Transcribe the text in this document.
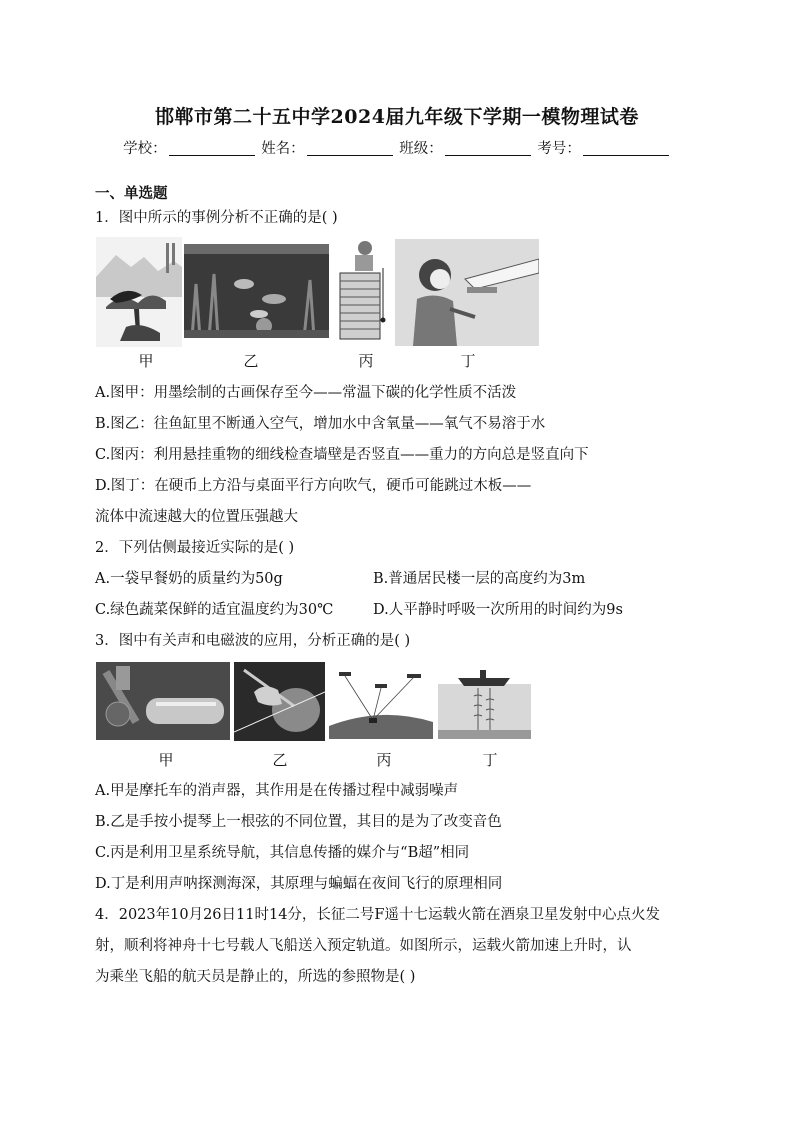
邯郸市第二十五中学2024届九年级下学期一模物理试卷
学校：	姓名：	班级：	考号：
一、单选题
1．图中所示的事例分析不正确的是( )
甲	乙	丙	丁
A.图甲：用墨绘制的古画保存至今——常温下碳的化学性质不活泼
B.图乙：往鱼缸里不断通入空气，增加水中含氧量——氧气不易溶于水
C.图丙：利用悬挂重物的细线检查墙壁是否竖直——重力的方向总是竖直向下
D.图丁：在硬币上方沿与桌面平行方向吹气，硬币可能跳过木板——
流体中流速越大的位置压强越大
2．下列估侧最接近实际的是( )
A.一袋早餐奶的质量约为50g	B.普通居民楼一层的高度约为3m
C.绿色蔬菜保鲜的适宜温度约为30℃	D.人平静时呼吸一次所用的时间约为9s
3．图中有关声和电磁波的应用，分析正确的是( )
甲	乙	丙	丁
A.甲是摩托车的消声器，其作用是在传播过程中减弱噪声
B.乙是手按小提琴上一根弦的不同位置，其目的是为了改变音色
C.丙是利用卫星系统导航，其信息传播的媒介与“B超”相同
D.丁是利用声呐探测海深，其原理与蝙蝠在夜间飞行的原理相同
4．2023年10月26日11时14分，长征二号F遥十七运载火箭在酒泉卫星发射中心点火发
射，顺利将神舟十七号载人飞船送入预定轨道。如图所示，运载火箭加速上升时，认
为乘坐飞船的航天员是静止的，所选的参照物是( )
